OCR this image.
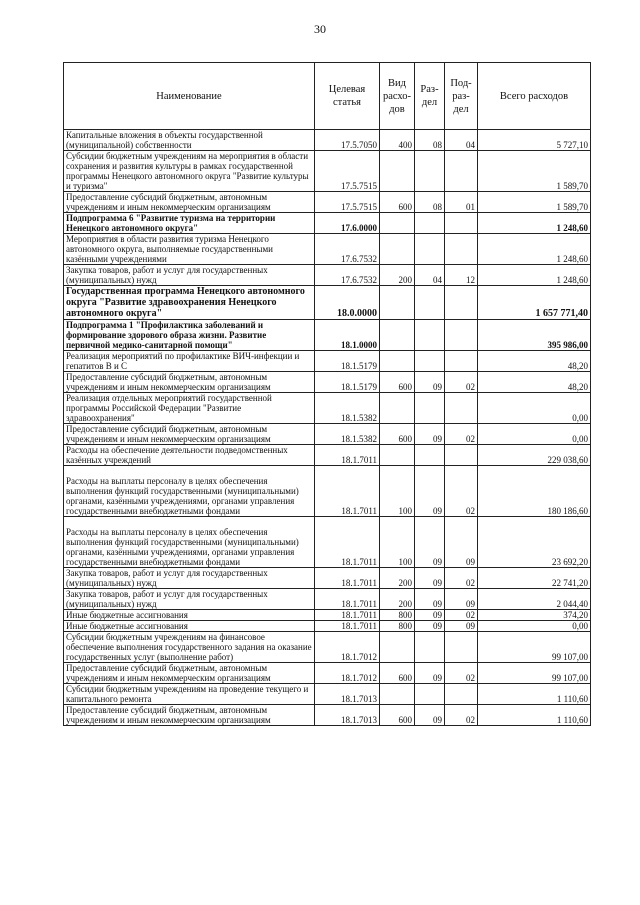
30
Наименование	Целевая статья	Вид расхо-дов	Раз-дел	Под-раз-дел	Всего расходов
Капитальные вложения в объекты государственной (муниципальной) собственности	17.5.7050	400	08	04	5 727,10
Субсидии бюджетным учреждениям на мероприятия в области сохранения и развития культуры в рамках государственной программы Ненецкого автономного округа "Развитие культуры и туризма"	17.5.7515				1 589,70
Предоставление субсидий бюджетным, автономным учреждениям и иным некоммерческим организациям	17.5.7515	600	08	01	1 589,70
Подпрограмма 6 "Развитие туризма на территории Ненецкого автономного округа"	17.6.0000				1 248,60
Мероприятия в области развития туризма Ненецкого автономного округа, выполняемые государственными казёнными учреждениями	17.6.7532				1 248,60
Закупка товаров, работ и услуг для государственных (муниципальных) нужд	17.6.7532	200	04	12	1 248,60
Государственная программа Ненецкого автономного округа "Развитие здравоохранения Ненецкого автономного округа"	18.0.0000				1 657 771,40
Подпрограмма 1 "Профилактика заболеваний и формирование здорового образа жизни. Развитие первичной медико-санитарной помощи"	18.1.0000				395 986,00
Реализация мероприятий по профилактике ВИЧ-инфекции и гепатитов В и С	18.1.5179				48,20
Предоставление субсидий бюджетным, автономным учреждениям и иным некоммерческим организациям	18.1.5179	600	09	02	48,20
Реализация отдельных мероприятий государственной программы Российской Федерации "Развитие здравоохранения"	18.1.5382				0,00
Предоставление субсидий бюджетным, автономным учреждениям и иным некоммерческим организациям	18.1.5382	600	09	02	0,00
Расходы на обеспечение деятельности подведомственных казённых учреждений	18.1.7011				229 038,60
Расходы на выплаты персоналу в целях обеспечения выполнения функций государственными (муниципальными) органами, казёнными учреждениями, органами управления государственными внебюджетными фондами	18.1.7011	100	09	02	180 186,60
Расходы на выплаты персоналу в целях обеспечения выполнения функций государственными (муниципальными) органами, казёнными учреждениями, органами управления государственными внебюджетными фондами	18.1.7011	100	09	09	23 692,20
Закупка товаров, работ и услуг для государственных (муниципальных) нужд	18.1.7011	200	09	02	22 741,20
Закупка товаров, работ и услуг для государственных (муниципальных) нужд	18.1.7011	200	09	09	2 044,40
Иные бюджетные ассигнования	18.1.7011	800	09	02	374,20
Иные бюджетные ассигнования	18.1.7011	800	09	09	0,00
Субсидии бюджетным учреждениям на финансовое обеспечение выполнения государственного задания на оказание государственных услуг (выполнение работ)	18.1.7012				99 107,00
Предоставление субсидий бюджетным, автономным учреждениям и иным некоммерческим организациям	18.1.7012	600	09	02	99 107,00
Субсидии бюджетным учреждениям на проведение текущего и капитального ремонта	18.1.7013				1 110,60
Предоставление субсидий бюджетным, автономным учреждениям и иным некоммерческим организациям	18.1.7013	600	09	02	1 110,60
